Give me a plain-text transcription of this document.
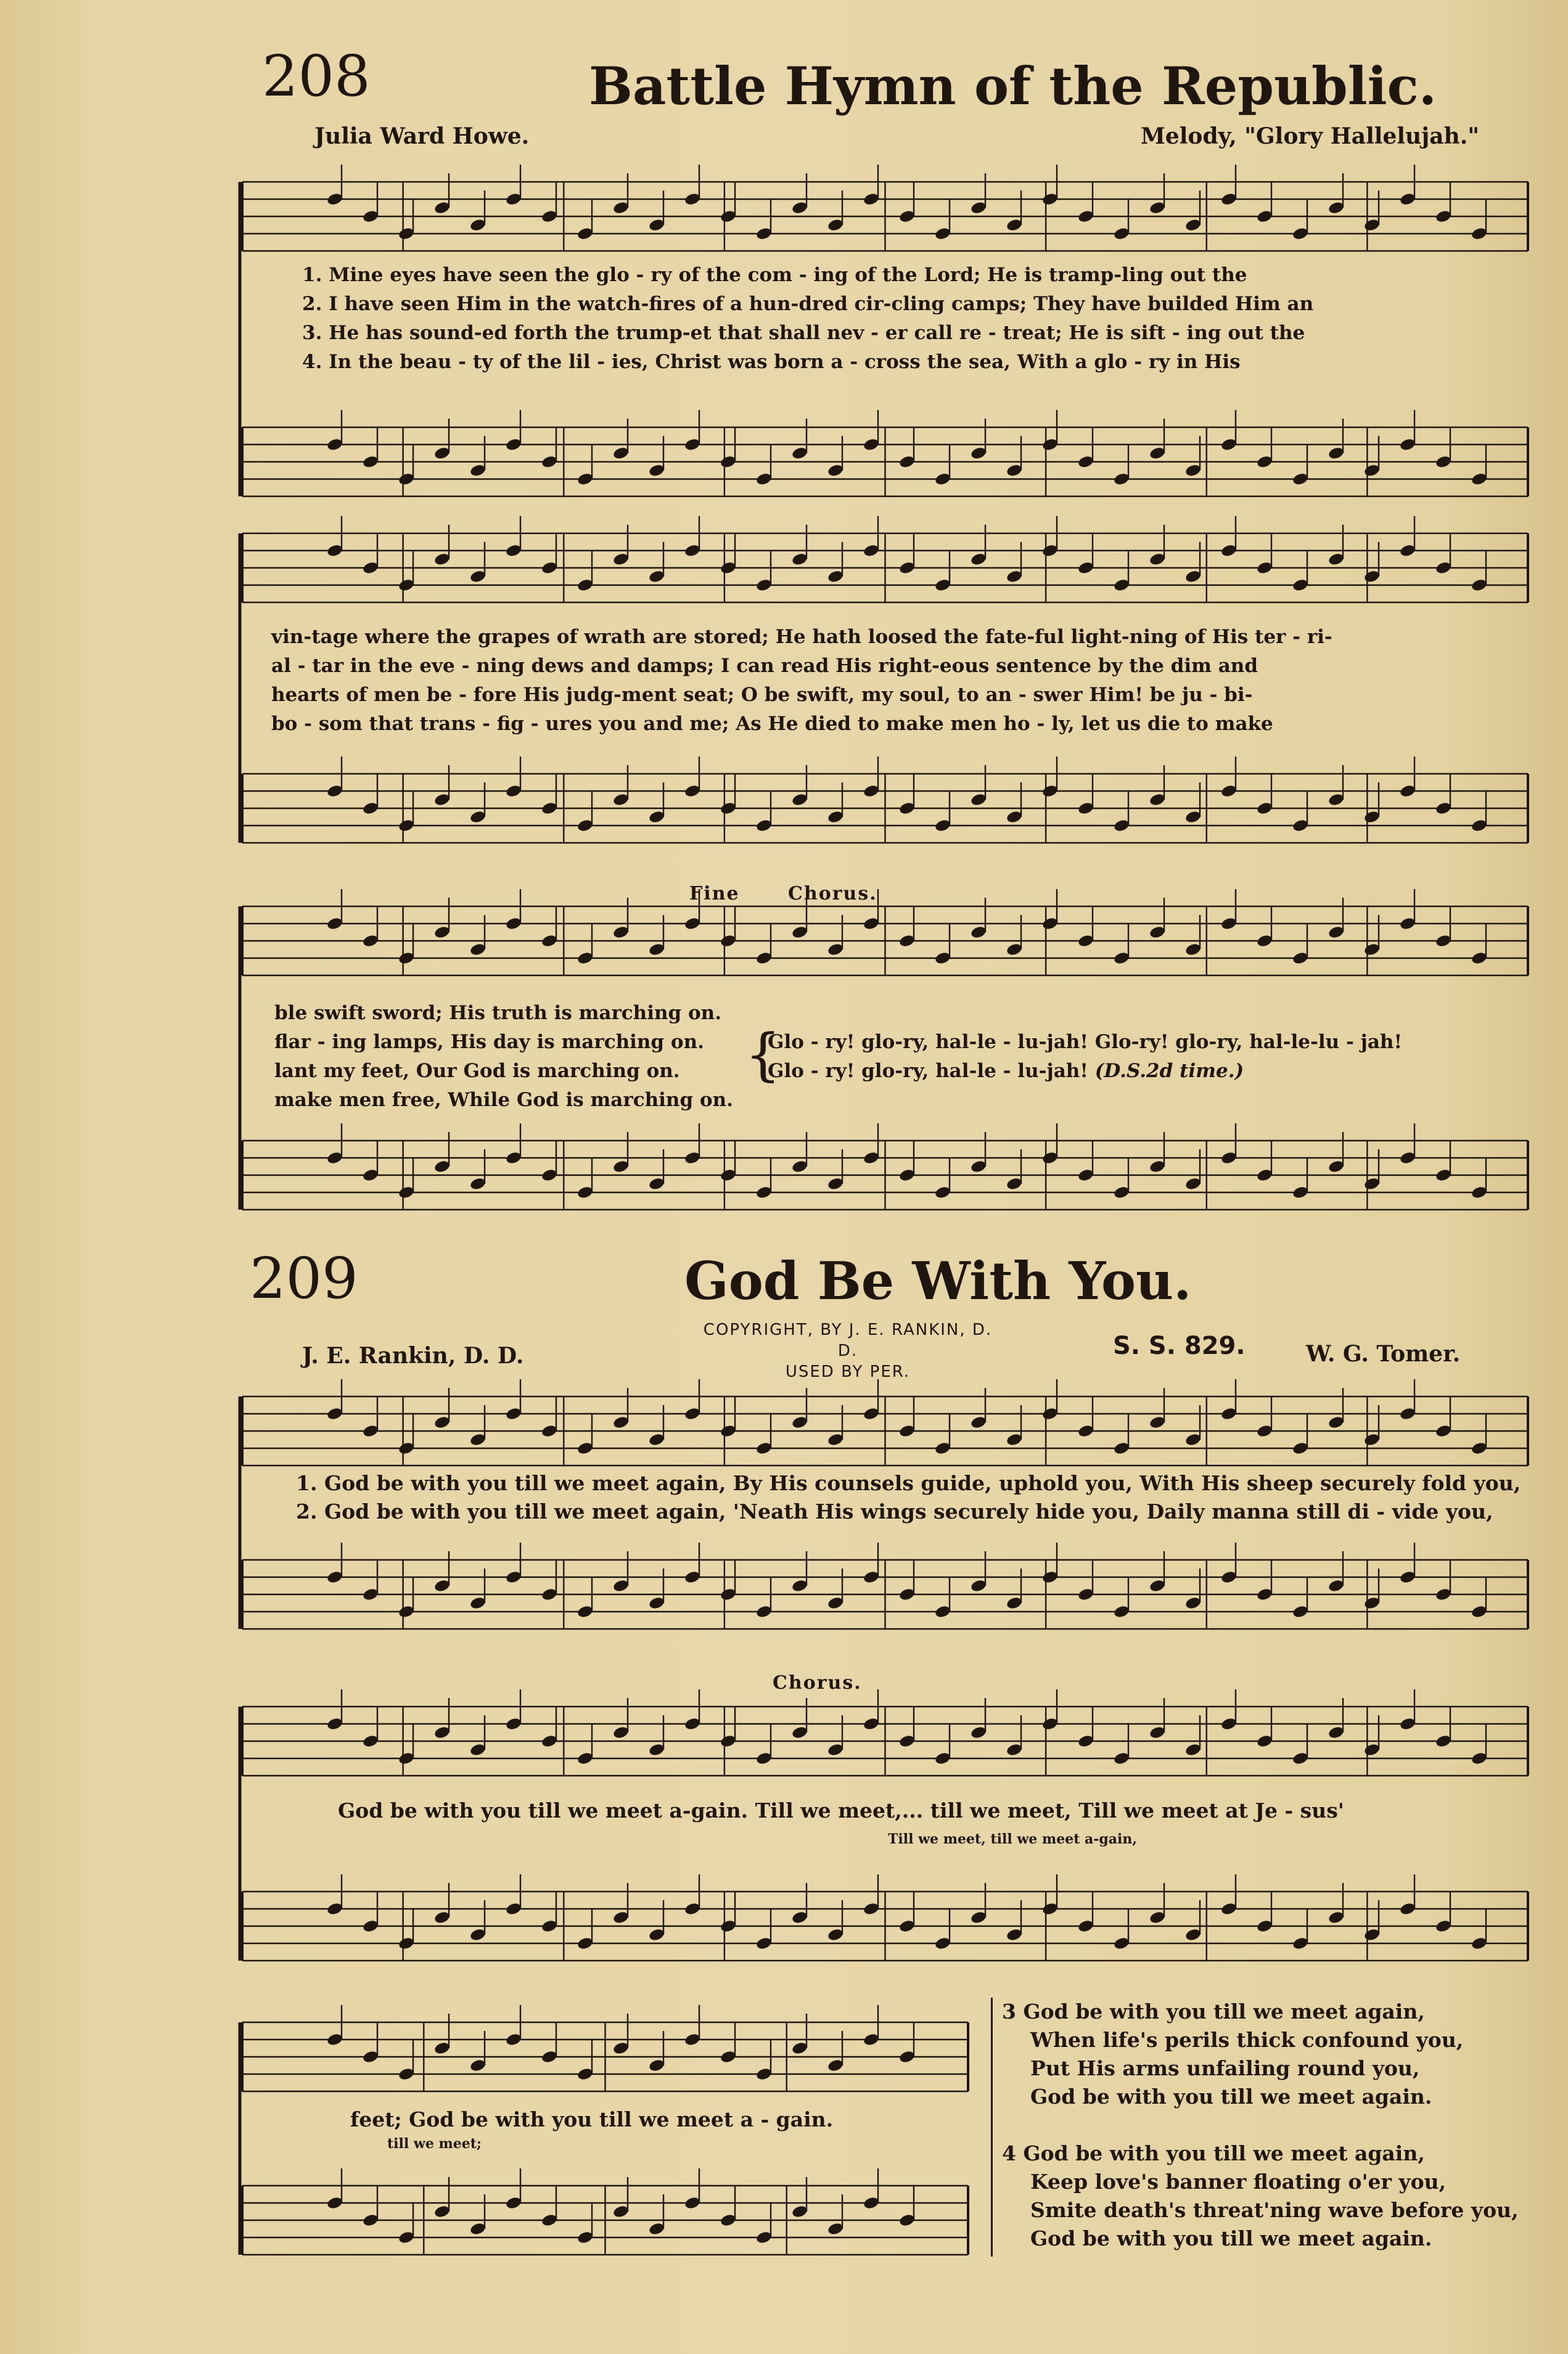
208	Battle Hymn of the Republic.
Julia Ward Howe.	Melody, "Glory Hallelujah."
1. Mine eyes have seen the glo - ry of the com - ing of the Lord; He is tramp-ling out the
2. I have seen Him in the watch-fires of a hun-dred cir-cling camps; They have builded Him an
3. He has sound-ed forth the trump-et that shall nev - er call re - treat; He is sift - ing out the
4. In the beau - ty of the lil - ies, Christ was born a - cross the sea, With a glo - ry in His
vin-tage where the grapes of wrath are stored; He hath loosed the fate-ful light-ning of His ter - ri-
al - tar in the eve - ning dews and damps; I can read His right-eous sentence by the dim and
hearts of men be - fore His judg-ment seat; O be swift, my soul, to an - swer Him! be ju - bi-
bo - som that trans - fig - ures you and me; As He died to make men ho - ly, let us die to make
Fine	Chorus.
ble swift sword; His truth is marching on.
flar - ing lamps, His day is marching on.
lant my feet, Our God is marching on.
make men free, While God is marching on.
{
Glo - ry! glo-ry, hal-le - lu-jah! Glo-ry! glo-ry, hal-le-lu - jah!
Glo - ry! glo-ry, hal-le - lu-jah! (D.S.2d time.)
209	God Be With You.
J. E. Rankin, D. D.
COPYRIGHT, BY J. E. RANKIN, D. D.
USED BY PER.
S. S. 829.	W. G. Tomer.
1. God be with you till we meet again, By His counsels guide, uphold you, With His sheep securely fold you,
2. God be with you till we meet again, 'Neath His wings securely hide you, Daily manna still di - vide you,
Chorus.
God be with you till we meet a-gain. Till we meet,... till we meet, Till we meet at Je - sus'
Till we meet, till we meet a-gain,
feet; God be with you till we meet a - gain.
till we meet;
3 God be with you till we meet again,
When life's perils thick confound you,
Put His arms unfailing round you,
God be with you till we meet again.
4 God be with you till we meet again,
Keep love's banner floating o'er you,
Smite death's threat'ning wave before you,
God be with you till we meet again.
